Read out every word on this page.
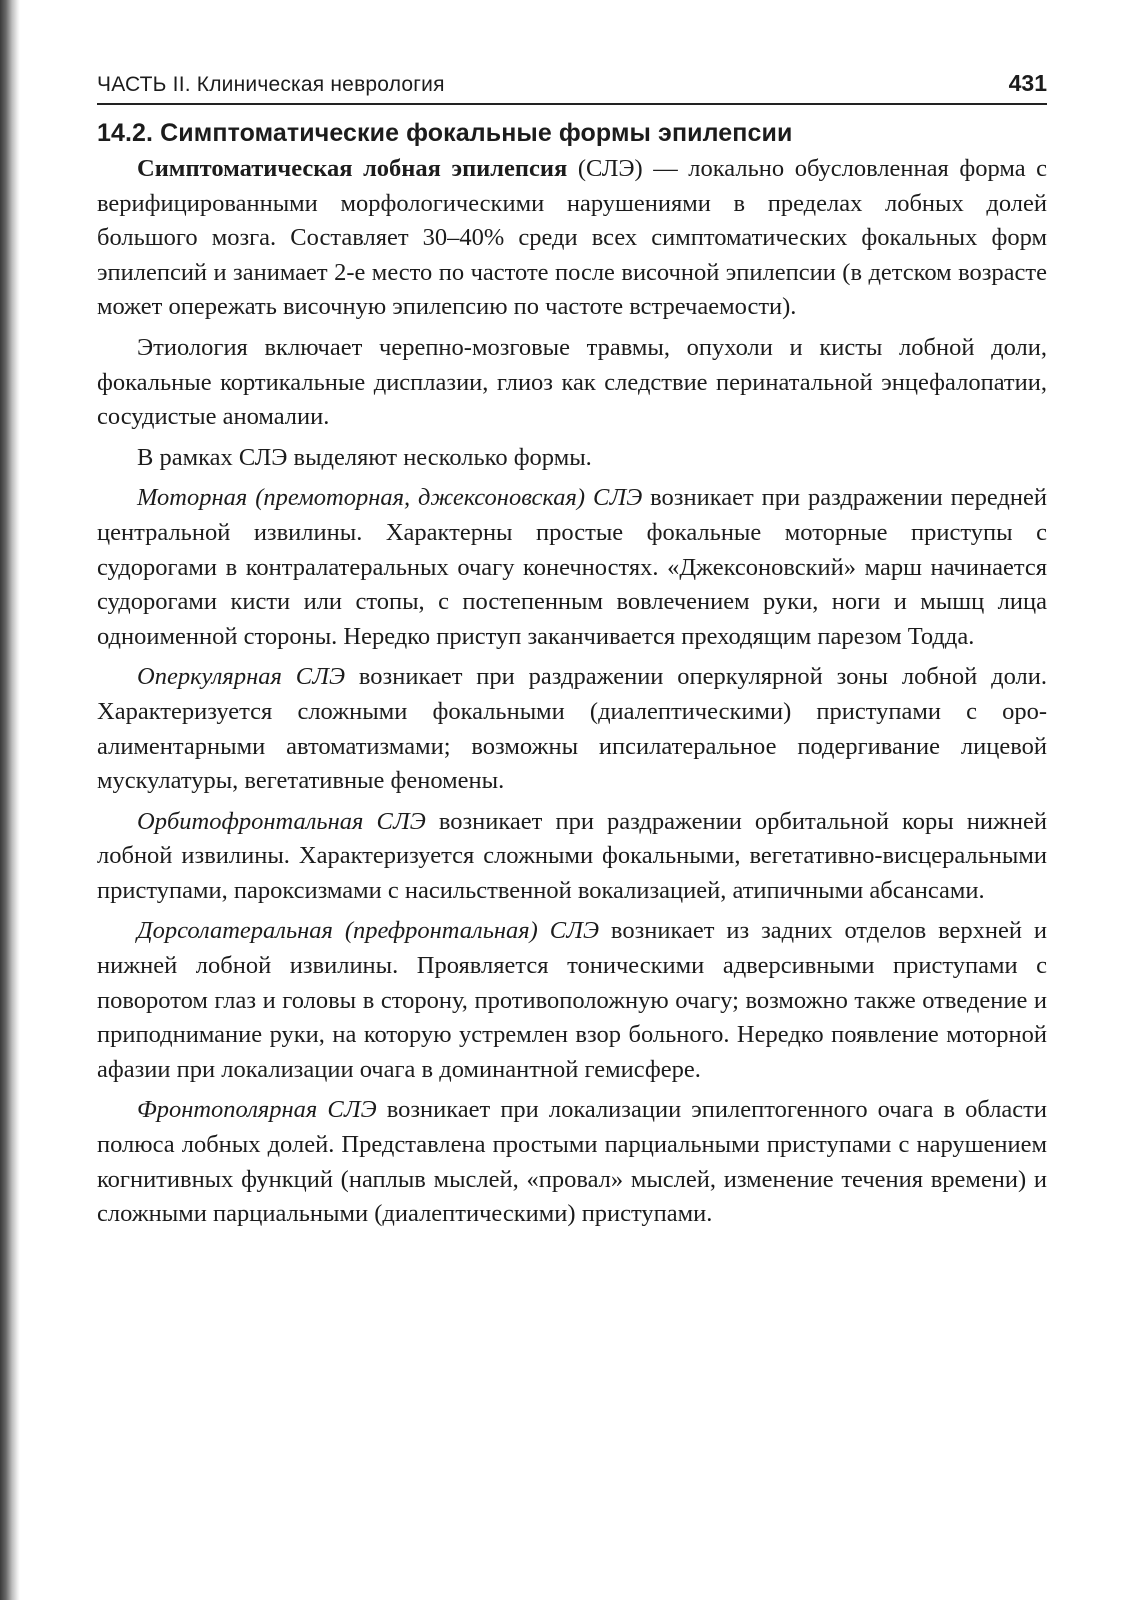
ЧАСТЬ II. Клиническая неврология	431
14.2. Симптоматические фокальные формы эпилепсии

Симптоматическая лобная эпилепсия (СЛЭ) — локально обусловленная форма с верифицированными морфологическими нарушениями в пределах лобных долей большого мозга. Составляет 30–40% среди всех симптоматических фокальных форм эпилепсий и занимает 2-е место по частоте после височной эпилепсии (в детском возрасте может опережать височную эпилепсию по частоте встречаемости).

Этиология включает черепно-мозговые травмы, опухоли и кисты лобной доли, фокальные кортикальные дисплазии, глиоз как следствие перинатальной энцефалопатии, сосудистые аномалии.

В рамках СЛЭ выделяют несколько формы.

Моторная (премоторная, джексоновская) СЛЭ возникает при раздражении передней центральной извилины. Характерны простые фокальные моторные приступы с судорогами в контралатеральных очагу конечностях. «Джексоновский» марш начинается судорогами кисти или стопы, с постепенным вовлечением руки, ноги и мышц лица одноименной стороны. Нередко приступ заканчивается преходящим парезом Тодда.

Оперкулярная СЛЭ возникает при раздражении оперкулярной зоны лобной доли. Характеризуется сложными фокальными (диалептическими) приступами с оро-алиментарными автоматизмами; возможны ипсилатеральное подергивание лицевой мускулатуры, вегетативные феномены.

Орбитофронтальная СЛЭ возникает при раздражении орбитальной коры нижней лобной извилины. Характеризуется сложными фокальными, вегетативно-висцеральными приступами, пароксизмами с насильственной вокализацией, атипичными абсансами.

Дорсолатеральная (префронтальная) СЛЭ возникает из задних отделов верхней и нижней лобной извилины. Проявляется тоническими адверсивными приступами с поворотом глаз и головы в сторону, противоположную очагу; возможно также отведение и приподнимание руки, на которую устремлен взор больного. Нередко появление моторной афазии при локализации очага в доминантной гемисфере.

Фронтополярная СЛЭ возникает при локализации эпилептогенного очага в области полюса лобных долей. Представлена простыми парциальными приступами с нарушением когнитивных функций (наплыв мыслей, «провал» мыслей, изменение течения времени) и сложными парциальными (диалептическими) приступами.
